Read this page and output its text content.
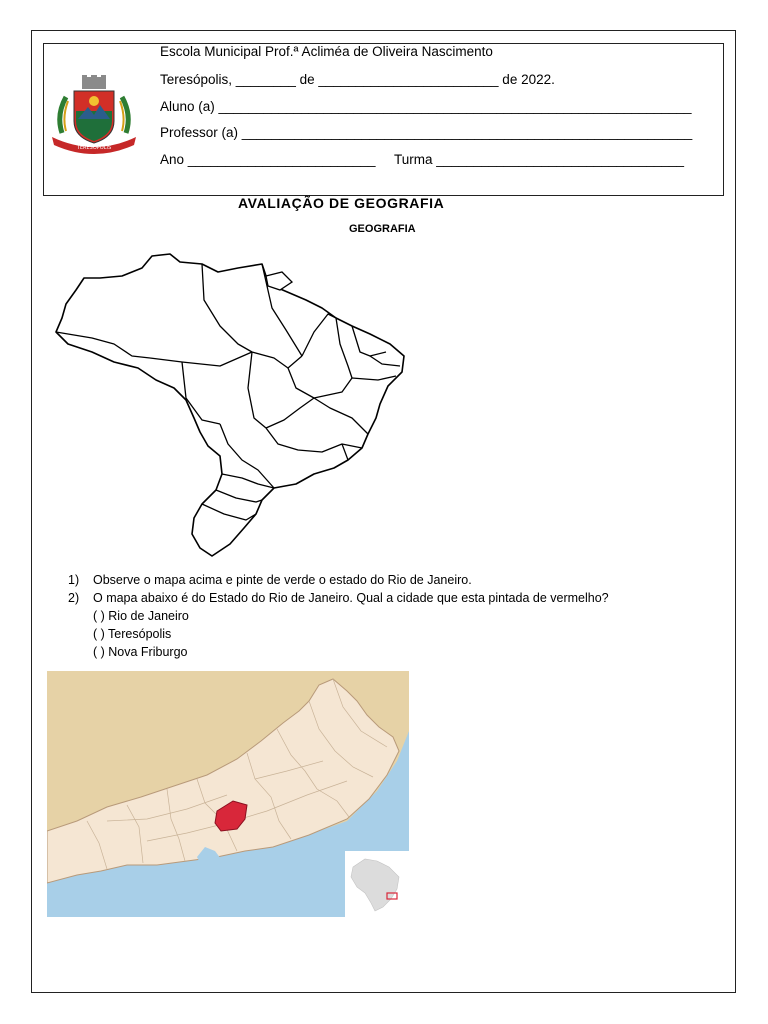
TERESOPOLIS
Escola Municipal Prof.ª Acliméa de Oliveira Nascimento
Teresópolis, ________ de ________________________ de 2022.
Aluno (a) _______________________________________________________________
Professor (a) ____________________________________________________________
Ano _________________________     Turma _________________________________
AVALIAÇÃO DE GEOGRAFIA
GEOGRAFIA
1) Observe o mapa acima e pinte de verde o estado do Rio de Janeiro.
2) O mapa abaixo é do Estado do Rio de Janeiro. Qual a cidade que esta pintada de vermelho?
( ) Rio de Janeiro
( ) Teresópolis
( ) Nova Friburgo
